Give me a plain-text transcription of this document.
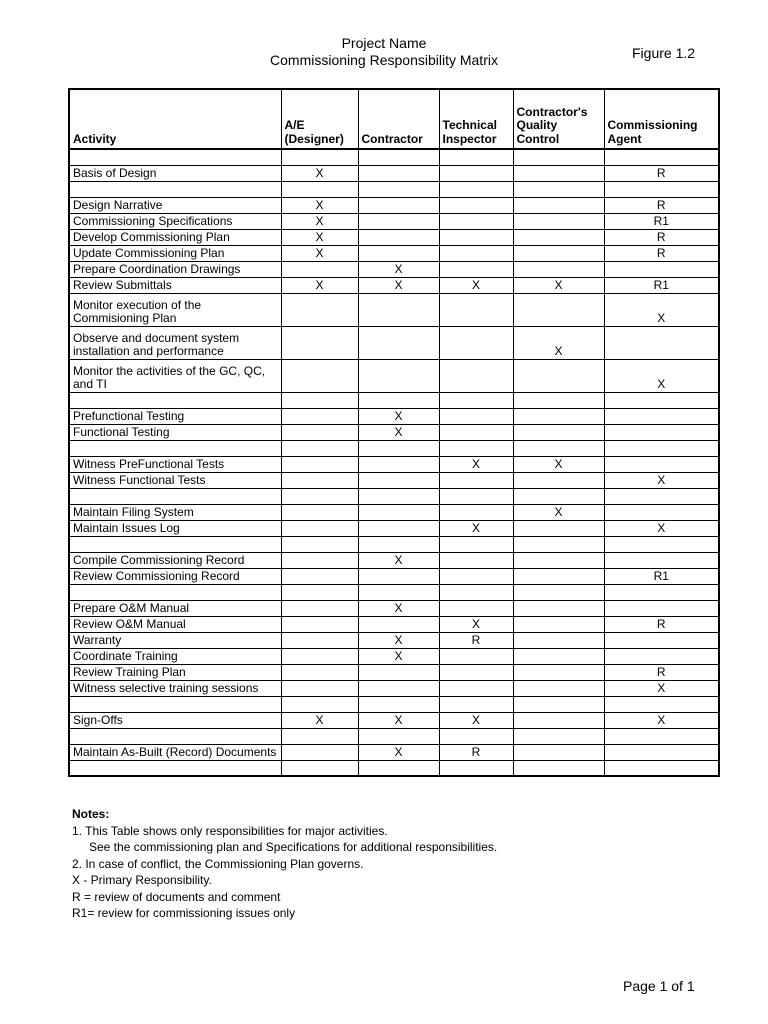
Project Name
Commissioning Responsibility Matrix	Figure 1.2
Activity	A/E (Designer)	Contractor	Technical Inspector	Contractor's Quality Control	Commissioning Agent

Basis of Design	X				R

Design Narrative	X				R
Commissioning Specifications	X				R1
Develop Commissioning Plan	X				R
Update Commissioning Plan	X				R
Prepare Coordination Drawings		X			
Review Submittals	X	X	X	X	R1
Monitor execution of the Commisioning Plan					X
Observe and document system installation and performance				X	
Monitor the activities of the GC, QC, and TI					X

Prefunctional Testing		X			
Functional Testing		X			

Witness PreFunctional Tests			X	X	
Witness Functional Tests					X

Maintain Filing System				X	
Maintain Issues Log			X		X

Compile Commissioning Record		X			
Review Commissioning Record					R1

Prepare O&M Manual		X			
Review O&M Manual			X		R
Warranty		X	R		
Coordinate Training		X			
Review Training Plan					R
Witness selective training sessions					X

Sign-Offs	X	X	X		X

Maintain As-Built (Record) Documents		X	R		

Notes:
1. This Table shows only responsibilities for major activities.
See the commissioning plan and Specifications for additional responsibilities.
2. In case of conflict, the Commissioning Plan governs.
X - Primary Responsibility.
R = review of documents and comment
R1= review for commissioning issues only
Page 1 of 1
